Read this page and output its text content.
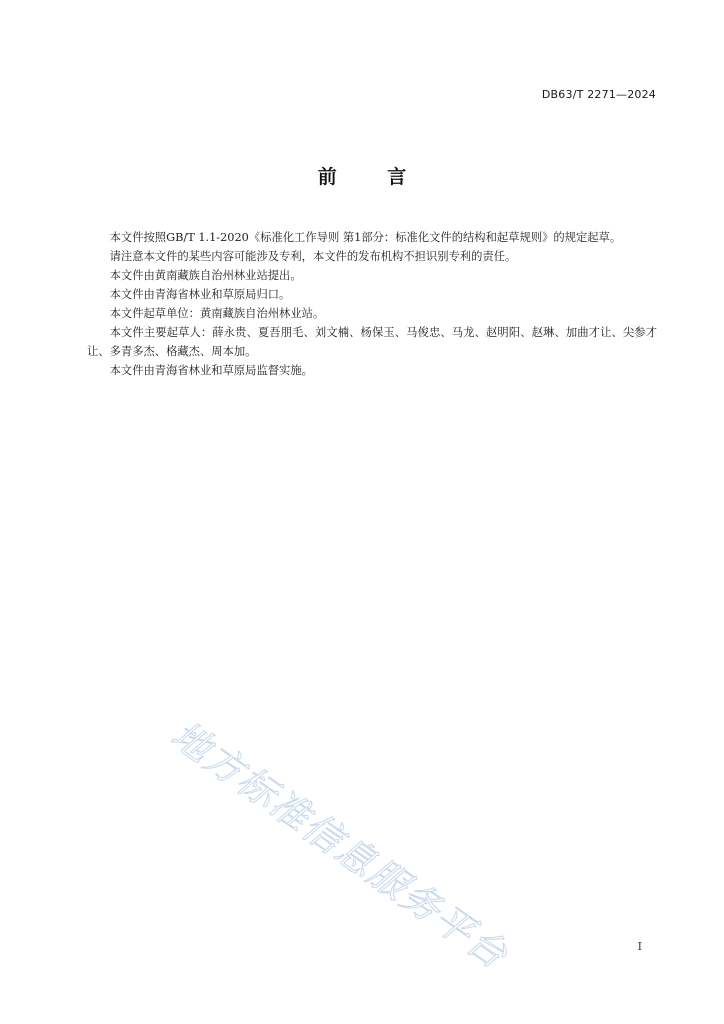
DB63/T 2271—2024
前 言

本文件按照GB/T 1.1-2020《标准化工作导则 第1部分：标准化文件的结构和起草规则》的规定起草。

请注意本文件的某些内容可能涉及专利，本文件的发布机构不担识别专利的责任。

本文件由黄南藏族自治州林业站提出。

本文件由青海省林业和草原局归口。

本文件起草单位：黄南藏族自治州林业站。

本文件主要起草人：薛永贵、夏吾朋毛、刘文楠、杨保玉、马俊忠、马龙、赵明阳、赵琳、加曲才让、尖参才让、多青多杰、格藏杰、周本加。

本文件由青海省林业和草原局监督实施。

地方标准信息服务平台	I
